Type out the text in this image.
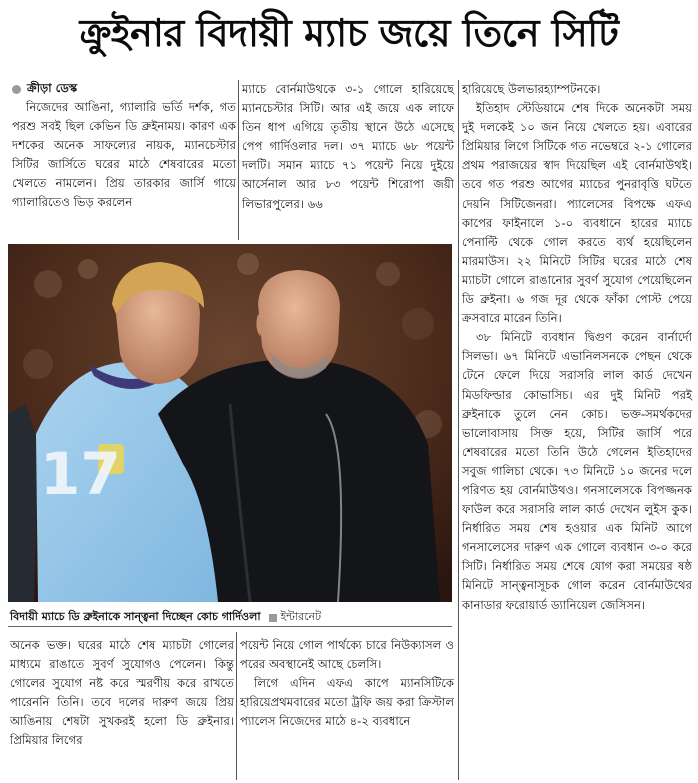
ক্রুইনার বিদায়ী ম্যাচ জয়ে তিনে সিটি
ক্রীড়া ডেস্ক

নিজেদের আঙিনা, গ্যালারি ভর্তি দর্শক, গত পরশু সবই ছিল কেভিন ডি ব্রুইনাময়। কারণ এক দশকের অনেক সাফল্যের নায়ক, ম্যানচেস্টার সিটির জার্সিতে ঘরের মাঠে শেষবারের মতো খেলতে নামলেন। প্রিয় তারকার জার্সি গায়ে গ্যালারিতেও ভিড় করলেন

ম্যাচে বোর্নমাউথকে ৩-১ গোলে হারিয়েছে ম্যানচেস্টার সিটি। আর এই জয়ে এক লাফে তিন ধাপ এগিয়ে তৃতীয় স্থানে উঠে এসেছে পেপ গার্দিওলার দল। ৩৭ ম্যাচে ৬৮ পয়েন্ট দলটি। সমান ম্যাচে ৭১ পয়েন্ট নিয়ে দুইয়ে আর্সেনাল আর ৮৩ পয়েন্ট শিরোপা জয়ী লিভারপুলের। ৬৬

হারিয়েছে উলভারহ্যাম্পটনকে।

ইতিহাদ স্টেডিয়ামে শেষ দিকে অনেকটা সময় দুই দলকেই ১০ জন নিয়ে খেলতে হয়। এবারের প্রিমিয়ার লিগে সিটিকে গত নভেম্বরে ২-১ গোলের প্রথম পরাজয়ের স্বাদ দিয়েছিল এই বোর্নমাউথই। তবে গত পরশু আগের ম্যাচের পুনরাবৃত্তি ঘটতে দেয়নি সিটিজেনরা। প্যালেসের বিপক্ষে এফএ কাপের ফাইনালে ১-০ ব্যবধানে হারের ম্যাচে পেনাল্টি থেকে গোল করতে ব্যর্থ হয়েছিলেন মারমাউস। ২২ মিনিটে সিটির ঘরের মাঠে শেষ ম্যাচটা গোলে রাঙানোর সুবর্ণ সুযোগ পেয়েছিলেন ডি ব্রুইনা। ৬ গজ দূর থেকে ফাঁকা পোস্ট পেয়ে ক্রসবারে মারেন তিনি।

৩৮ মিনিটে ব্যবধান দ্বিগুণ করেন বার্নার্দো সিলভা। ৬৭ মিনিটে এভানিলসনকে পেছন থেকে টেনে ফেলে দিয়ে সরাসরি লাল কার্ড দেখেন মিডফিল্ডার কোভাসিচ। এর দুই মিনিট পরই ব্রুইনাকে তুলে নেন কোচ। ভক্ত-সমর্থকদের ভালোবাসায় সিক্ত হয়ে, সিটির জার্সি পরে শেষবারের মতো তিনি উঠে গেলেন ইতিহাদের সবুজ গালিচা থেকে। ৭৩ মিনিটে ১০ জনের দলে পরিণত হয় বোর্নমাউথও। গনসালেসকে বিপজ্জনক ফাউল করে সরাসরি লাল কার্ড দেখেন লুইস কুক। নির্ধারিত সময় শেষ হওয়ার এক মিনিট আগে গনসালেসের দারুণ এক গোলে ব্যবধান ৩-০ করে সিটি। নির্ধারিত সময় শেষে যোগ করা সময়ের ষষ্ঠ মিনিটে সান্ত্বনাসূচক গোল করেন বোর্নমাউথের কানাডার ফরোয়ার্ড ড্যানিয়েল জেসিসন।

17
বিদায়ী ম্যাচে ডি ব্রুইনাকে সান্ত্বনা দিচ্ছেন কোচ গার্দিওলা ইন্টারনেট

অনেক ভক্ত। ঘরের মাঠে শেষ ম্যাচটা গোলের মাধ্যমে রাঙাতে সুবর্ণ সুযোগও পেলেন। কিন্তু গোলের সুযোগ নষ্ট করে স্মরণীয় করে রাখতে পারেননি তিনি। তবে দলের দারুণ জয়ে প্রিয় আঙিনায় শেষটা সুখকরই হলো ডি ব্রুইনার। প্রিমিয়ার লিগের

পয়েন্ট নিয়ে গোল পার্থক্যে চারে নিউক্যাসল ও পরের অবস্থানেই আছে চেলসি।

লিগে এদিন এফএ কাপে ম্যানসিটিকে হারিয়েপ্রথমবারের মতো ট্রফি জয় করা ক্রিস্টাল প্যালেস নিজেদের মাঠে ৪-২ ব্যবধানে
